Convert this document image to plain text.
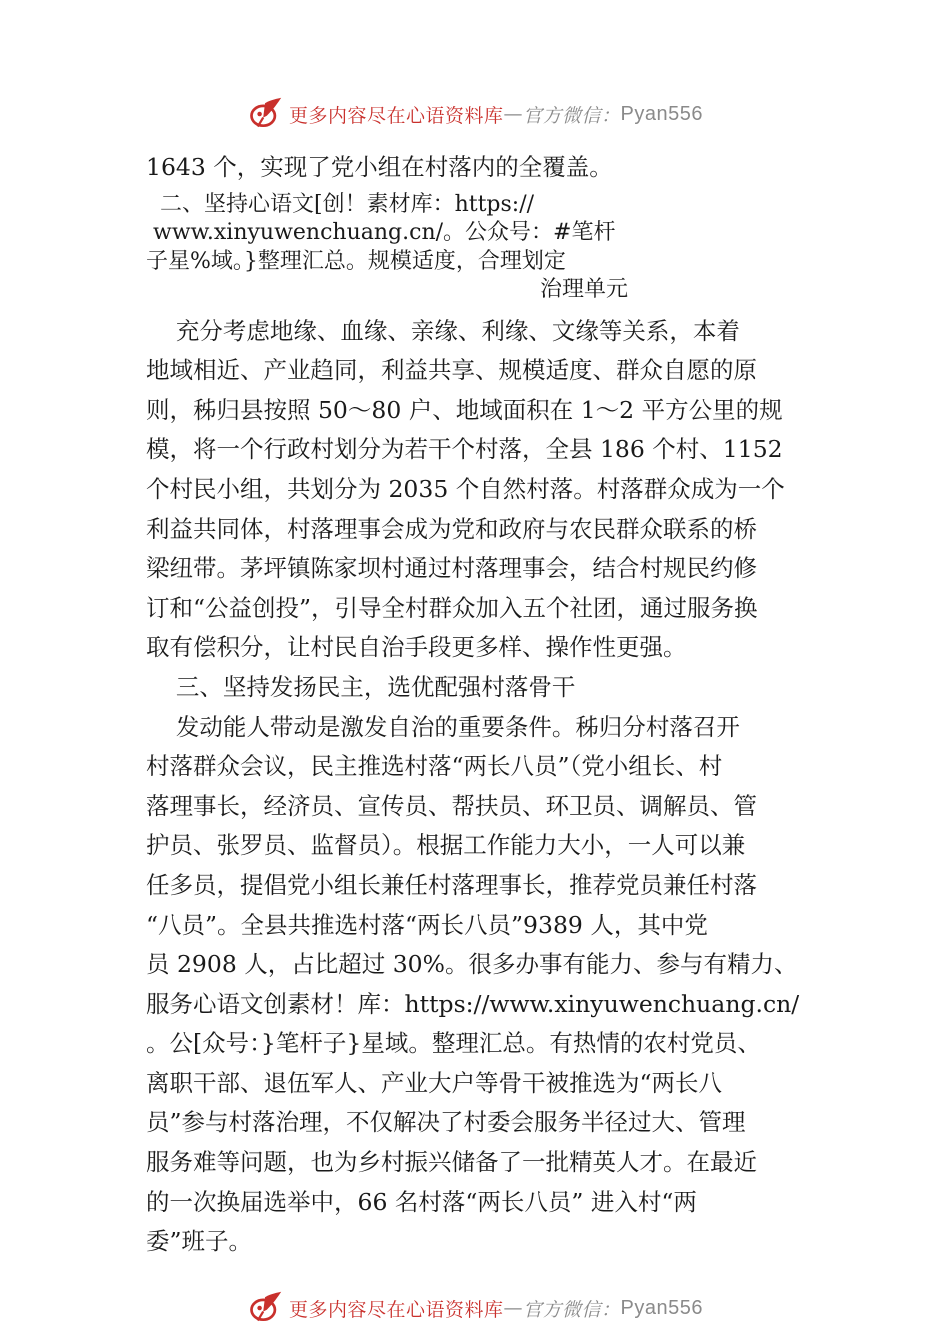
更多内容尽在心语资料库 — 官方微信： Pyan556

1643 个，实现了党小组在村落内的全覆盖。

二、坚持心语文[创！素材库：https://
www.xinyuwenchuang.cn/。公众号：#笔杆
子星%域。}整理汇总。规模适度，合理划定
治理单元

充分考虑地缘、血缘、亲缘、利缘、文缘等关系，本着

地域相近、产业趋同，利益共享、规模适度、群众自愿的原

则，秭归县按照 50～80 户、地域面积在 1～2 平方公里的规

模，将一个行政村划分为若干个村落，全县 186 个村、1152

个村民小组，共划分为 2035 个自然村落。村落群众成为一个

利益共同体，村落理事会成为党和政府与农民群众联系的桥

梁纽带。茅坪镇陈家坝村通过村落理事会，结合村规民约修

订和“公益创投”，引导全村群众加入五个社团，通过服务换

取有偿积分，让村民自治手段更多样、操作性更强。

三、坚持发扬民主，选优配强村落骨干

发动能人带动是激发自治的重要条件。秭归分村落召开

村落群众会议，民主推选村落“两长八员”（党小组长、村

落理事长，经济员、宣传员、帮扶员、环卫员、调解员、管

护员、张罗员、监督员）。根据工作能力大小，一人可以兼

任多员，提倡党小组长兼任村落理事长，推荐党员兼任村落

“八员”。全县共推选村落“两长八员”9389 人，其中党

员 2908 人，占比超过 30%。很多办事有能力、参与有精力、

服务心语文创素材！库：https://www.xinyuwenchuang.cn/

。公[众号：}笔杆子}星域。整理汇总。有热情的农村党员、

离职干部、退伍军人、产业大户等骨干被推选为“两长八

员”参与村落治理，不仅解决了村委会服务半径过大、管理

服务难等问题，也为乡村振兴储备了一批精英人才。在最近

的一次换届选举中，66 名村落“两长八员” 进入村“两

委”班子。

更多内容尽在心语资料库 — 官方微信： Pyan556
